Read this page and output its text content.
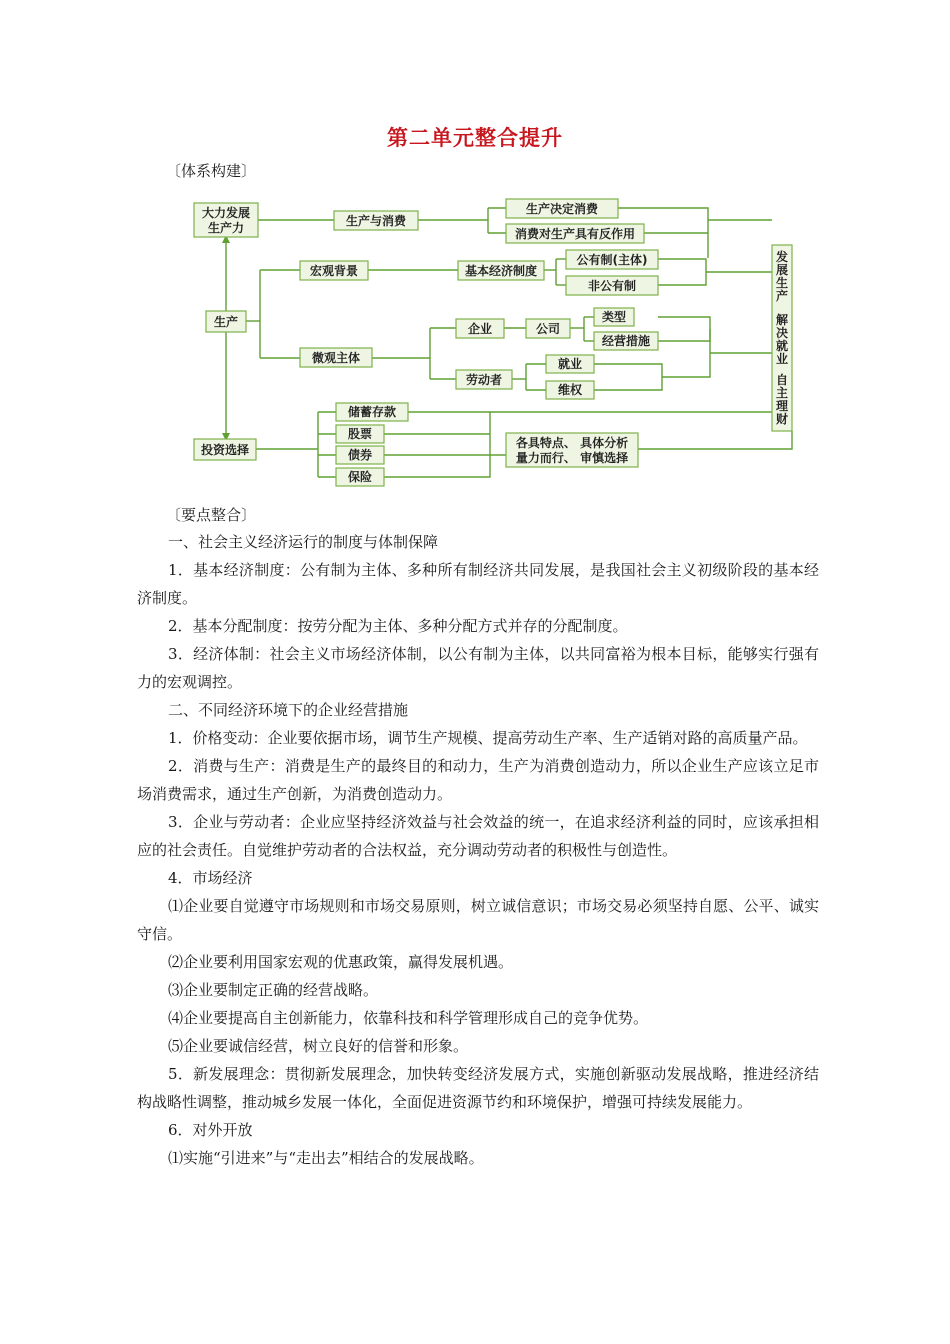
第二单元整合提升
〔体系构建〕
大力发展
生产力	生产与消费
生产决定消费
消费对生产具有反作用
宏观背景	基本经济制度
公有制(主体)
非公有制
生产
微观主体
企业	公司
类型
经营措施
劳动者
就业
维权
投资选择
储蓄存款
股票
债券
保险
各具特点、 具体分析
量力而行、 审慎选择
发
展
生
产
解
决
就
业
自
主
理
财
〔要点整合〕

一、社会主义经济运行的制度与体制保障

1．基本经济制度：公有制为主体、多种所有制经济共同发展，是我国社会主义初级阶段的基本经济制度。

2．基本分配制度：按劳分配为主体、多种分配方式并存的分配制度。

3．经济体制：社会主义市场经济体制，以公有制为主体，以共同富裕为根本目标，能够实行强有力的宏观调控。

二、不同经济环境下的企业经营措施

1．价格变动：企业要依据市场，调节生产规模、提高劳动生产率、生产适销对路的高质量产品。

2．消费与生产：消费是生产的最终目的和动力，生产为消费创造动力，所以企业生产应该立足市场消费需求，通过生产创新，为消费创造动力。

3．企业与劳动者：企业应坚持经济效益与社会效益的统一，在追求经济利益的同时，应该承担相应的社会责任。自觉维护劳动者的合法权益，充分调动劳动者的积极性与创造性。

4．市场经济

⑴企业要自觉遵守市场规则和市场交易原则，树立诚信意识；市场交易必须坚持自愿、公平、诚实守信。

⑵企业要利用国家宏观的优惠政策，赢得发展机遇。

⑶企业要制定正确的经营战略。

⑷企业要提高自主创新能力，依靠科技和科学管理形成自己的竞争优势。

⑸企业要诚信经营，树立良好的信誉和形象。

5．新发展理念：贯彻新发展理念，加快转变经济发展方式，实施创新驱动发展战略，推进经济结构战略性调整，推动城乡发展一体化，全面促进资源节约和环境保护，增强可持续发展能力。

6．对外开放

⑴实施“引进来”与“走出去”相结合的发展战略。
